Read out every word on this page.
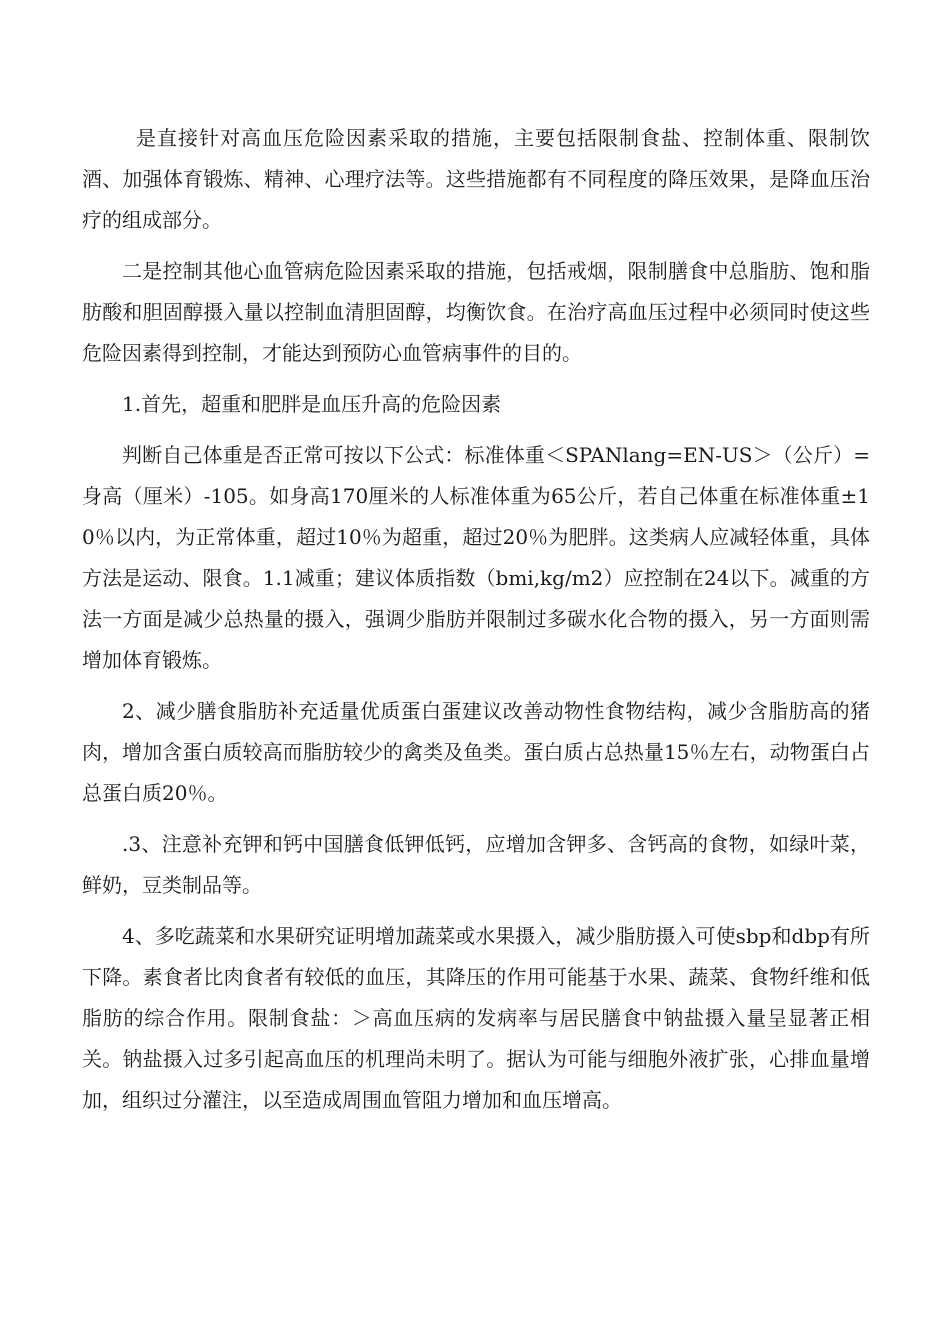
是直接针对高血压危险因素采取的措施，主要包括限制食盐、控制体重、限制饮酒、加强体育锻炼、精神、心理疗法等。这些措施都有不同程度的降压效果，是降血压治疗的组成部分。

二是控制其他心血管病危险因素采取的措施，包括戒烟，限制膳食中总脂肪、饱和脂肪酸和胆固醇摄入量以控制血清胆固醇，均衡饮食。在治疗高血压过程中必须同时使这些危险因素得到控制，才能达到预防心血管病事件的目的。

1.首先，超重和肥胖是血压升高的危险因素

判断自己体重是否正常可按以下公式：标准体重＜SPANlang=EN-US＞（公斤）=身高（厘米）-105。如身高170厘米的人标准体重为65公斤，若自己体重在标准体重±10％以内，为正常体重，超过10％为超重，超过20％为肥胖。这类病人应减轻体重，具体方法是运动、限食。1.1减重；建议体质指数（bmi,kg/m2）应控制在24以下。减重的方法一方面是减少总热量的摄入，强调少脂肪并限制过多碳水化合物的摄入，另一方面则需增加体育锻炼。

2、减少膳食脂肪补充适量优质蛋白蛋建议改善动物性食物结构，减少含脂肪高的猪肉，增加含蛋白质较高而脂肪较少的禽类及鱼类。蛋白质占总热量15％左右，动物蛋白占总蛋白质20％。

.3、注意补充钾和钙中国膳食低钾低钙，应增加含钾多、含钙高的食物，如绿叶菜，鲜奶，豆类制品等。

4、多吃蔬菜和水果研究证明增加蔬菜或水果摄入，减少脂肪摄入可使sbp和dbp有所下降。素食者比肉食者有较低的血压，其降压的作用可能基于水果、蔬菜、食物纤维和低脂肪的综合作用。限制食盐：＞高血压病的发病率与居民膳食中钠盐摄入量呈显著正相关。钠盐摄入过多引起高血压的机理尚未明了。据认为可能与细胞外液扩张，心排血量增加，组织过分灌注，以至造成周围血管阻力增加和血压增高。
